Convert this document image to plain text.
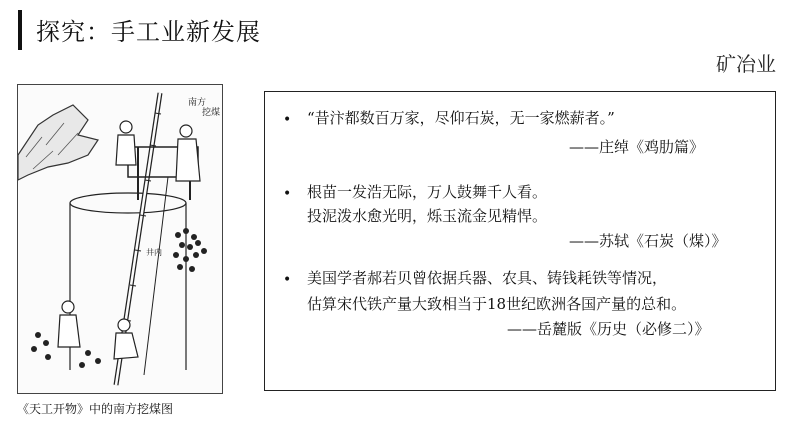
探究：手工业新发展
矿冶业
南方
挖煤
井内
《天工开物》中的南方挖煤图
• “昔汴都数百万家，尽仰石炭，无一家燃薪者。”
——庄绰《鸡肋篇》
• 根苗一发浩无际，万人鼓舞千人看。
投泥泼水愈光明，烁玉流金见精悍。
——苏轼《石炭（煤）》
• 美国学者郝若贝曾依据兵器、农具、铸钱耗铁等情况，
估算宋代铁产量大致相当于18世纪欧洲各国产量的总和。
——岳麓版《历史（必修二）》
